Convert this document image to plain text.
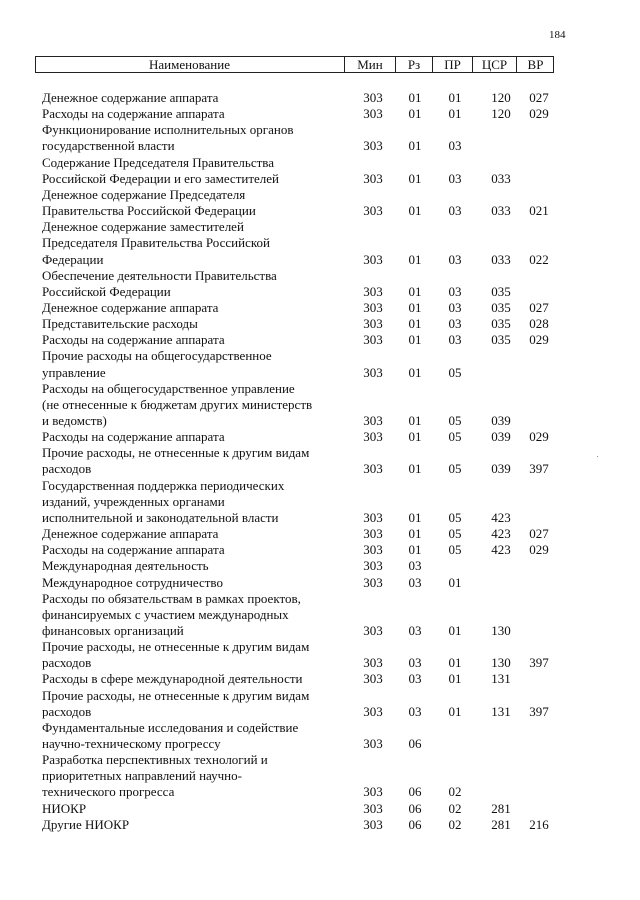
184
Наименование	Мин	Рз	ПР	ЦСР	ВР
Денежное содержание аппарата	303	01	01	120	027
Расходы на содержание аппарата	303	01	01	120	029
Функционирование исполнительных органов
государственной власти	303	01	03
Содержание Председателя Правительства
Российской Федерации и его заместителей	303	01	03	033
Денежное содержание Председателя
Правительства Российской Федерации	303	01	03	033	021
Денежное содержание заместителей
Председателя Правительства Российской
Федерации	303	01	03	033	022
Обеспечение деятельности Правительства
Российской Федерации	303	01	03	035
Денежное содержание аппарата	303	01	03	035	027
Представительские расходы	303	01	03	035	028
Расходы на содержание аппарата	303	01	03	035	029
Прочие расходы на общегосударственное
управление	303	01	05
Расходы на общегосударственное управление
(не отнесенные к бюджетам других министерств
и ведомств)	303	01	05	039
Расходы на содержание аппарата	303	01	05	039	029
Прочие расходы, не отнесенные к другим видам
расходов	303	01	05	039	397
Государственная поддержка периодических
изданий, учрежденных органами
исполнительной и законодательной власти	303	01	05	423
Денежное содержание аппарата	303	01	05	423	027
Расходы на содержание аппарата	303	01	05	423	029
Международная деятельность	303	03
Международное сотрудничество	303	03	01
Расходы по обязательствам в рамках проектов,
финансируемых с участием международных
финансовых организаций	303	03	01	130
Прочие расходы, не отнесенные к другим видам
расходов	303	03	01	130	397
Расходы в сфере международной деятельности	303	03	01	131
Прочие расходы, не отнесенные к другим видам
расходов	303	03	01	131	397
Фундаментальные исследования и содействие
научно-техническому прогрессу	303	06
Разработка перспективных технологий и
приоритетных направлений научно-
технического прогресса	303	06	02
НИОКР	303	06	02	281
Другие НИОКР	303	06	02	281	216
